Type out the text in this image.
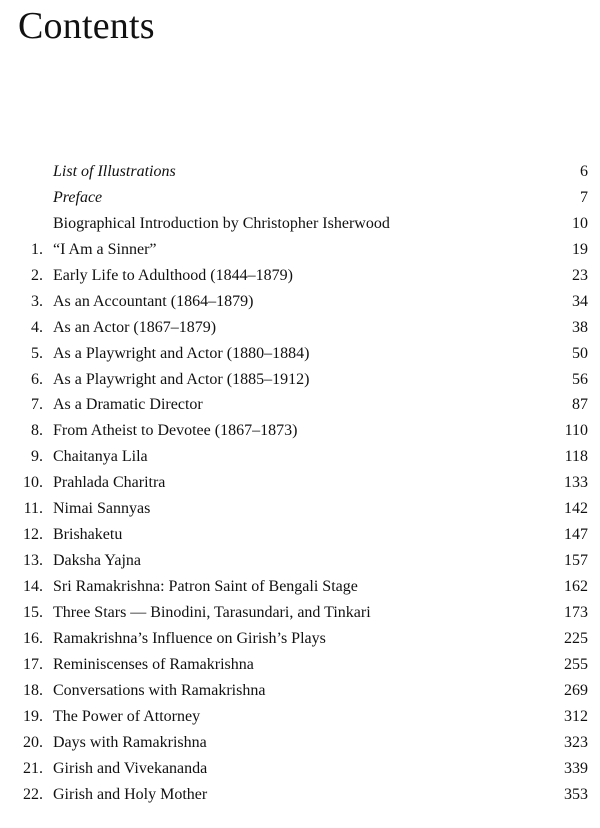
Contents
List of Illustrations	6
Preface	7
Biographical Introduction by Christopher Isherwood	10
1. “I Am a Sinner”	19
2. Early Life to Adulthood (1844–1879)	23
3. As an Accountant (1864–1879)	34
4. As an Actor (1867–1879)	38
5. As a Playwright and Actor (1880–1884)	50
6. As a Playwright and Actor (1885–1912)	56
7. As a Dramatic Director	87
8. From Atheist to Devotee (1867–1873)	110
9. Chaitanya Lila	118
10. Prahlada Charitra	133
11. Nimai Sannyas	142
12. Brishaketu	147
13. Daksha Yajna	157
14. Sri Ramakrishna: Patron Saint of Bengali Stage	162
15. Three Stars — Binodini, Tarasundari, and Tinkari	173
16. Ramakrishna’s Influence on Girish’s Plays	225
17. Reminiscenses of Ramakrishna	255
18. Conversations with Ramakrishna	269
19. The Power of Attorney	312
20. Days with Ramakrishna	323
21. Girish and Vivekananda	339
22. Girish and Holy Mother	353
